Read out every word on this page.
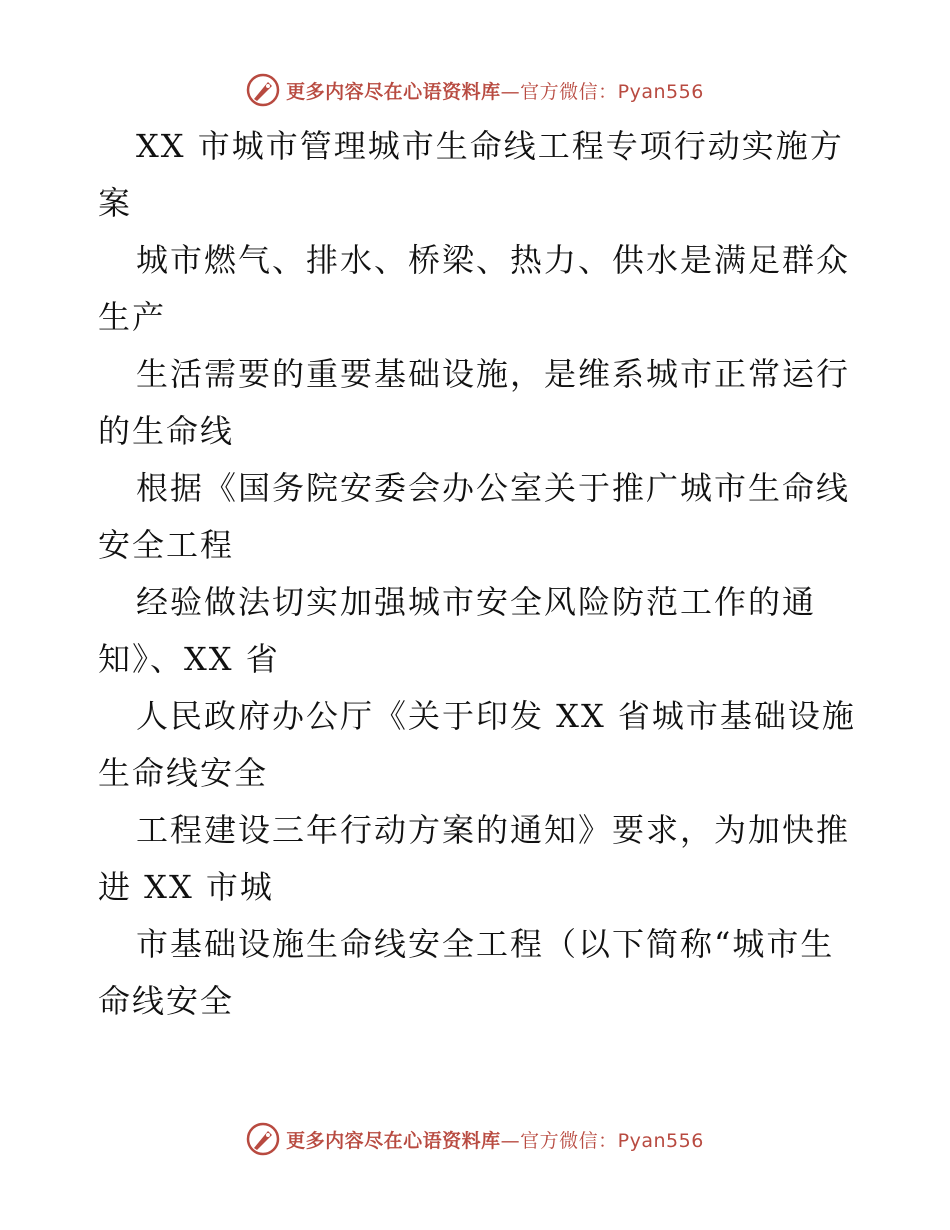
更多内容尽在心语资料库—官方微信：Pyan556

XX 市城市管理城市生命线工程专项行动实施方
案

城市燃气、排水、桥梁、热力、供水是满足群众
生产

生活需要的重要基础设施，是维系城市正常运行
的生命线

根据《国务院安委会办公室关于推广城市生命线
安全工程

经验做法切实加强城市安全风险防范工作的通
知》、XX 省

人民政府办公厅《关于印发 XX 省城市基础设施
生命线安全

工程建设三年行动方案的通知》要求，为加快推
进 XX 市城

市基础设施生命线安全工程（以下简称“城市生
命线安全

更多内容尽在心语资料库—官方微信：Pyan556
